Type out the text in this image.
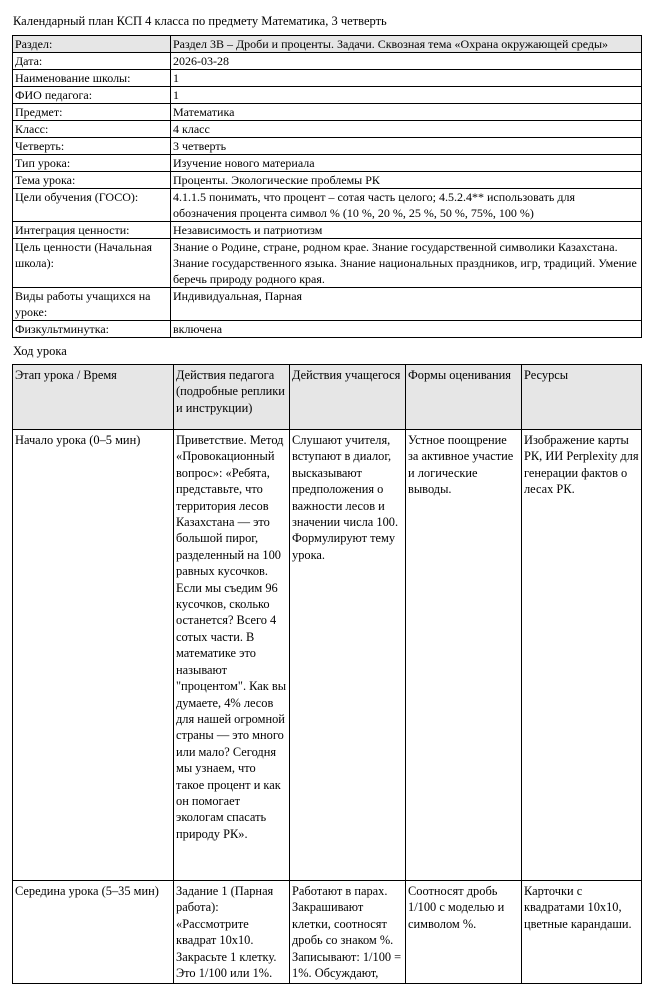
Календарный план КСП 4 класса по предмету Математика, 3 четверть
Раздел:	Раздел 3В – Дроби и проценты. Задачи. Сквозная тема «Охрана окружающей среды»
Дата:	2026-03-28
Наименование школы:	1
ФИО педагога:	1
Предмет:	Математика
Класс:	4 класс
Четверть:	3 четверть
Тип урока:	Изучение нового материала
Тема урока:	Проценты. Экологические проблемы РК
Цели обучения (ГОСО):	4.1.1.5 понимать, что процент – сотая часть целого; 4.5.2.4** использовать для обозначения процента символ % (10 %, 20 %, 25 %, 50 %, 75%, 100 %)
Интеграция ценности:	Независимость и патриотизм
Цель ценности (Начальная школа):	Знание о Родине, стране, родном крае. Знание государственной символики Казахстана. Знание государственного языка. Знание национальных праздников, игр, традиций. Умение беречь природу родного края.
Виды работы учащихся на уроке:	Индивидуальная, Парная
Физкультминутка:	включена
Ход урока
Этап урока / Время	Действия педагога (подробные реплики и инструкции)	Действия учащегося	Формы оценивания	Ресурсы
Начало урока (0–5 мин)	Приветствие. Метод «Провокационный вопрос»: «Ребята, представьте, что территория лесов Казахстана — это большой пирог, разделенный на 100 равных кусочков. Если мы съедим 96 кусочков, сколько останется? Всего 4 сотых части. В математике это называют "процентом". Как вы думаете, 4% лесов для нашей огромной страны — это много или мало? Сегодня мы узнаем, что такое процент и как он помогает экологам спасать природу РК».	Слушают учителя, вступают в диалог, высказывают предположения о важности лесов и значении числа 100. Формулируют тему урока.	Устное поощрение за активное участие и логические выводы.	Изображение карты РК, ИИ Perplexity для генерации фактов о лесах РК.
Середина урока (5–35 мин)	Задание 1 (Парная работа): «Рассмотрите квадрат 10x10. Закрасьте 1 клетку. Это 1/100 или 1%.	Работают в парах. Закрашивают клетки, соотносят дробь со знаком %. Записывают: 1/100 = 1%. Обсуждают,	Соотносят дробь 1/100 с моделью и символом %.	Карточки с квадратами 10x10, цветные карандаши.
